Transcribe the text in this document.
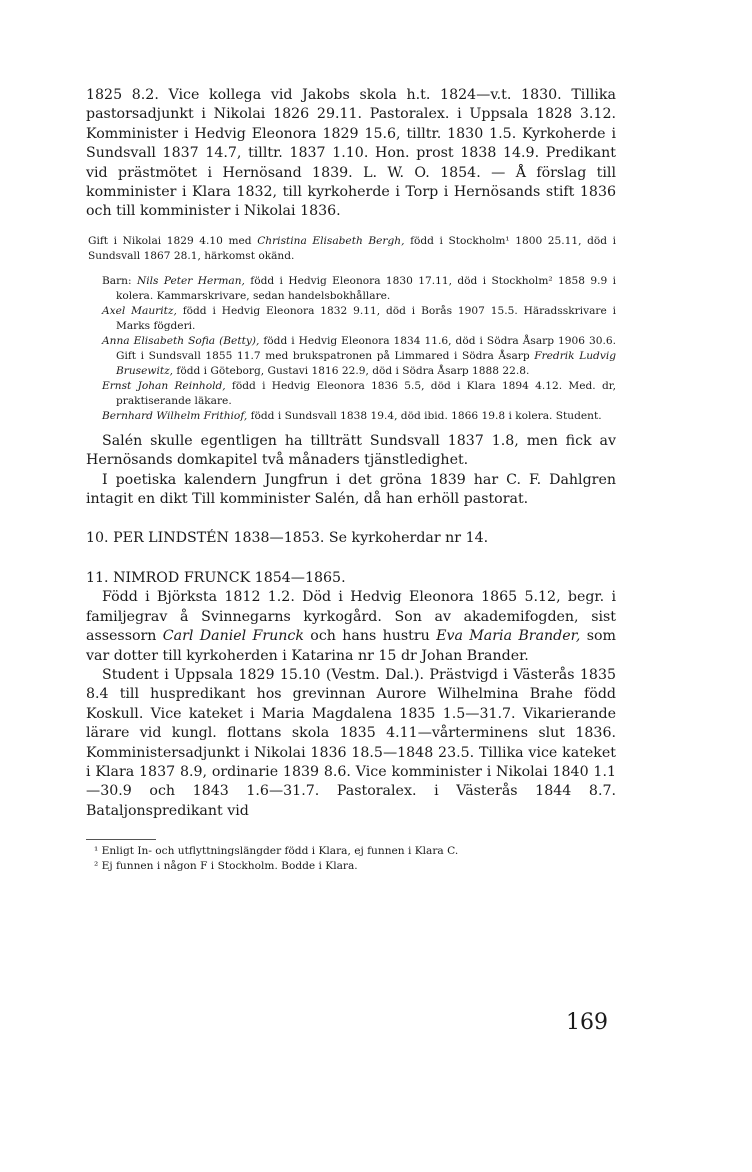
1825 8.2. Vice kollega vid Jakobs skola h.t. 1824—v.t. 1830. Tillika pastorsadjunkt i Nikolai 1826 29.11. Pastoralex. i Uppsala 1828 3.12. Komminister i Hedvig Eleonora 1829 15.6, tilltr. 1830 1.5. Kyrkoherde i Sundsvall 1837 14.7, tilltr. 1837 1.10. Hon. prost 1838 14.9. Predikant vid prästmötet i Hernösand 1839. L. W. O. 1854. — Å förslag till komminister i Klara 1832, till kyrkoherde i Torp i Hernösands stift 1836 och till komminister i Nikolai 1836.

Gift i Nikolai 1829 4.10 med Christina Elisabeth Bergh, född i Stockholm¹ 1800 25.11, död i Sundsvall 1867 28.1, härkomst okänd.

Barn: Nils Peter Herman, född i Hedvig Eleonora 1830 17.11, död i Stockholm² 1858 9.9 i kolera. Kammarskrivare, sedan handelsbokhållare.

Axel Mauritz, född i Hedvig Eleonora 1832 9.11, död i Borås 1907 15.5. Häradsskrivare i Marks fögderi.

Anna Elisabeth Sofia (Betty), född i Hedvig Eleonora 1834 11.6, död i Södra Åsarp 1906 30.6. Gift i Sundsvall 1855 11.7 med brukspatronen på Limmared i Södra Åsarp Fredrik Ludvig Brusewitz, född i Göteborg, Gustavi 1816 22.9, död i Södra Åsarp 1888 22.8.

Ernst Johan Reinhold, född i Hedvig Eleonora 1836 5.5, död i Klara 1894 4.12. Med. dr, praktiserande läkare.

Bernhard Wilhelm Frithiof, född i Sundsvall 1838 19.4, död ibid. 1866 19.8 i kolera. Student.

Salén skulle egentligen ha tillträtt Sundsvall 1837 1.8, men fick av Hernösands domkapitel två månaders tjänstledighet.

I poetiska kalendern Jungfrun i det gröna 1839 har C. F. Dahlgren intagit en dikt Till komminister Salén, då han erhöll pastorat.

10. PER LINDSTÉN 1838—1853. Se kyrkoherdar nr 14.

11. NIMROD FRUNCK 1854—1865.

Född i Björksta 1812 1.2. Död i Hedvig Eleonora 1865 5.12, begr. i familjegrav å Svinnegarns kyrkogård. Son av akademifogden, sist assessorn Carl Daniel Frunck och hans hustru Eva Maria Brander, som var dotter till kyrkoherden i Katarina nr 15 dr Johan Brander.

Student i Uppsala 1829 15.10 (Vestm. Dal.). Prästvigd i Västerås 1835 8.4 till huspredikant hos grevinnan Aurore Wilhelmina Brahe född Koskull. Vice kateket i Maria Magdalena 1835 1.5—31.7. Vikarierande lärare vid kungl. flottans skola 1835 4.11—vårterminens slut 1836. Komministersadjunkt i Nikolai 1836 18.5—1848 23.5. Tillika vice kateket i Klara 1837 8.9, ordinarie 1839 8.6. Vice komminister i Nikolai 1840 1.1—30.9 och 1843 1.6—31.7. Pastoralex. i Västerås 1844 8.7. Bataljonspredikant vid

¹ Enligt In- och utflyttningslängder född i Klara, ej funnen i Klara C.

² Ej funnen i någon F i Stockholm. Bodde i Klara.

169
